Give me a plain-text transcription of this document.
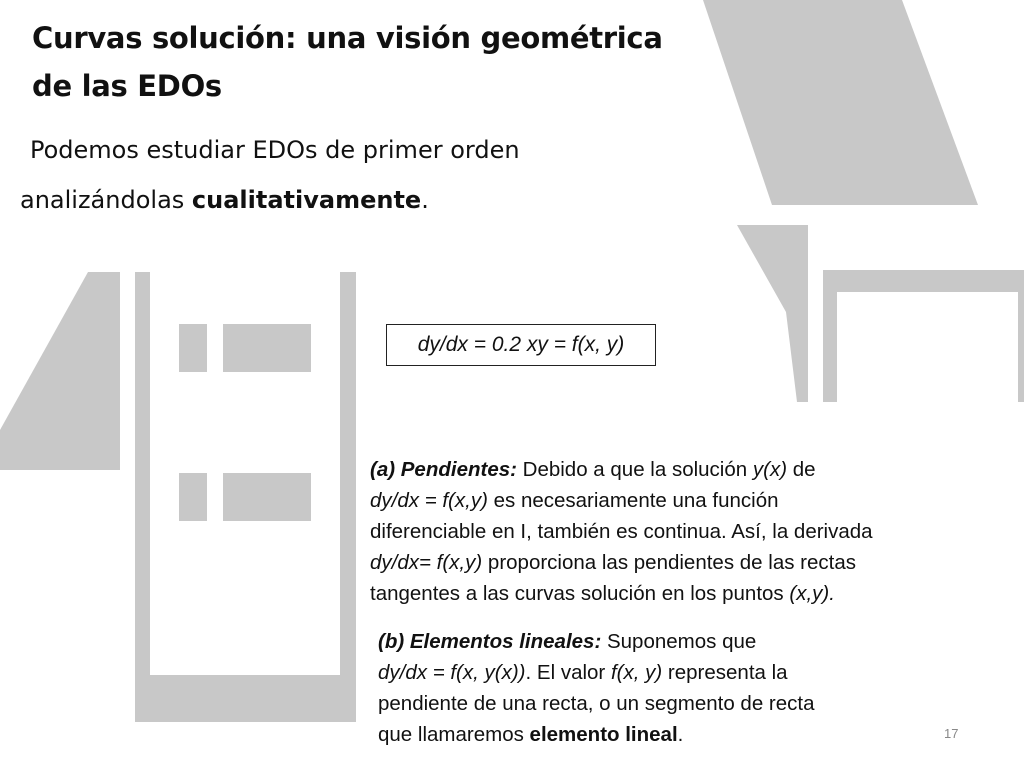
Curvas solución: una visión geométrica
de las EDOs
Podemos estudiar EDOs de primer orden
analizándolas cualitativamente.
dy/dx = 0.2 xy = f(x, y)
(a) Pendientes: Debido a que la solución y(x) de
dy/dx = f(x,y) es necesariamente una función
diferenciable en I, también es continua. Así, la derivada
dy/dx= f(x,y) proporciona las pendientes de las rectas
tangentes a las curvas solución en los puntos (x,y).
(b) Elementos lineales: Suponemos que
dy/dx = f(x, y(x)). El valor f(x, y) representa la
pendiente de una recta, o un segmento de recta
que llamaremos elemento lineal.	17
